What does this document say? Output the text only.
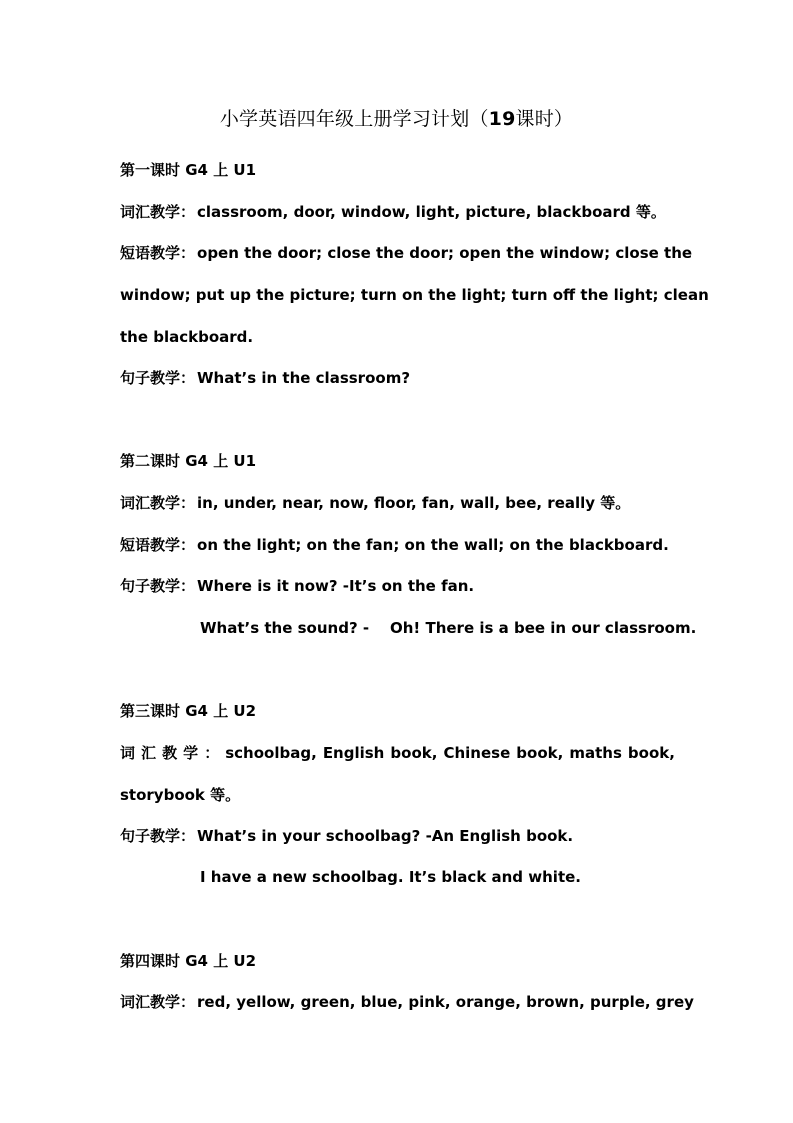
小学英语四年级上册学习计划（19课时）
第一课时 G4 上 U1
词汇教学： classroom, door, window, light, picture, blackboard 等。
短语教学： open the door; close the door; open the window; close the
window; put up the picture; turn on the light; turn off the light; clean
the blackboard.
句子教学： What’s in the classroom?
第二课时 G4 上 U1
词汇教学： in, under, near, now, floor, fan, wall, bee, really 等。
短语教学： on the light; on the fan; on the wall; on the blackboard.
句子教学： Where is it now? -It’s on the fan.
What’s the sound? -    Oh! There is a bee in our classroom.
第三课时 G4 上 U2
词 汇 教 学 ： schoolbag, English book, Chinese book, maths book,
storybook 等。
句子教学： What’s in your schoolbag? -An English book.
I have a new schoolbag. It’s black and white.
第四课时 G4 上 U2
词汇教学： red, yellow, green, blue, pink, orange, brown, purple, grey
